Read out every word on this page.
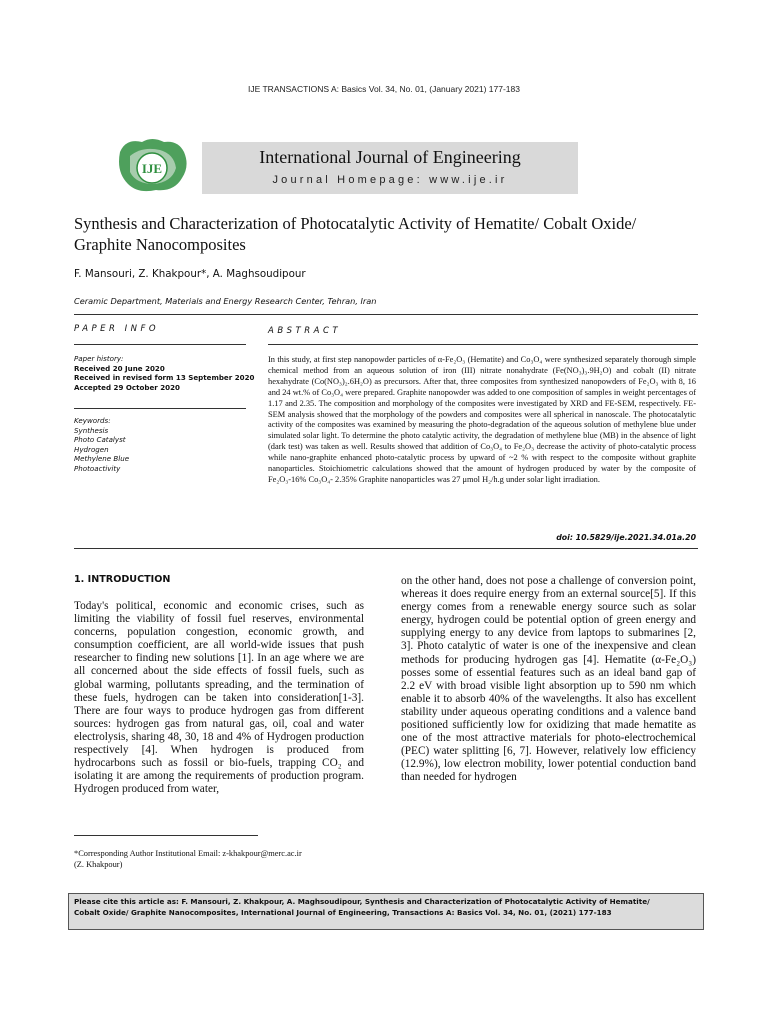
IJE TRANSACTIONS A: Basics Vol. 34, No. 01, (January 2021) 177-183
IJE
International Journal of Engineering
Journal Homepage: www.ije.ir
Synthesis and Characterization of Photocatalytic Activity of Hematite/ Cobalt Oxide/
Graphite Nanocomposites
F. Mansouri, Z. Khakpour*, A. Maghsoudipour
Ceramic Department, Materials and Energy Research Center, Tehran, Iran
PAPER INFO	ABSTRACT
Paper history:
Received 20 June 2020
Received in revised form 13 September 2020
Accepted 29 October 2020
Keywords:
Synthesis
Photo Catalyst
Hydrogen
Methylene Blue
Photoactivity
In this study, at first step nanopowder particles of α-Fe₂O₃ (Hematite) and Co₃O₄ were synthesized separately thorough simple chemical method from an aqueous solution of iron (III) nitrate nonahydrate (Fe(NO₃)₃.9H₂O) and cobalt (II) nitrate hexahydrate (Co(NO₃)₂.6H₂O) as precursors. After that, three composites from synthesized nanopowders of Fe₂O₃ with 8, 16 and 24 wt.% of Co₃O₄ were prepared. Graphite nanopowder was added to one composition of samples in weight percentages of 1.17 and 2.35. The composition and morphology of the composites were investigated by XRD and FE-SEM, respectively. FE-SEM analysis showed that the morphology of the powders and composites were all spherical in nanoscale. The photocatalytic activity of the composites was examined by measuring the photo-degradation of the aqueous solution of methylene blue under simulated solar light. To determine the photo catalytic activity, the degradation of methylene blue (MB) in the absence of light (dark test) was taken as well. Results showed that addition of Co₃O₄ to Fe₂O₃ decrease the activity of photo-catalytic process while nano-graphite enhanced photo-catalytic process by upward of ~2 % with respect to the composite without graphite nanoparticles. Stoichiometric calculations showed that the amount of hydrogen produced by water by the composite of Fe₂O₃-16% Co₃O₄- 2.35% Graphite nanoparticles was 27 μmol H₂/h.g under solar light irradiation.
doi: 10.5829/ije.2021.34.01a.20
1. INTRODUCTION
Today's political, economic and economic crises, such as limiting the viability of fossil fuel reserves, environmental concerns, population congestion, economic growth, and consumption coefficient, are all world-wide issues that push researcher to finding new solutions [1]. In an age where we are all concerned about the side effects of fossil fuels, such as global warming, pollutants spreading, and the termination of these fuels, hydrogen can be taken into consideration[1-3]. There are four ways to produce hydrogen gas from different sources: hydrogen gas from natural gas, oil, coal and water electrolysis, sharing 48, 30, 18 and 4% of Hydrogen production respectively [4]. When hydrogen is produced from hydrocarbons such as fossil or bio-fuels, trapping CO₂ and isolating it are among the requirements of production program. Hydrogen produced from water,
on the other hand, does not pose a challenge of conversion point, whereas it does require energy from an external source[5]. If this energy comes from a renewable energy source such as solar energy, hydrogen could be potential option of green energy and supplying energy to any device from laptops to submarines [2, 3]. Photo catalytic of water is one of the inexpensive and clean methods for producing hydrogen gas [4]. Hematite (α-Fe₂O₃) posses some of essential features such as an ideal band gap of 2.2 eV with broad visible light absorption up to 590 nm which enable it to absorb 40% of the wavelengths. It also has excellent stability under aqueous operating conditions and a valence band positioned sufficiently low for oxidizing that made hematite as one of the most attractive materials for photo-electrochemical (PEC) water splitting [6, 7]. However, relatively low efficiency (12.9%), low electron mobility, lower potential conduction band than needed for hydrogen
*Corresponding Author Institutional Email: z-khakpour@merc.ac.ir
(Z. Khakpour)
Please cite this article as: F. Mansouri, Z. Khakpour, A. Maghsoudipour, Synthesis and Characterization of Photocatalytic Activity of Hematite/
Cobalt Oxide/ Graphite Nanocomposites, International Journal of Engineering, Transactions A: Basics Vol. 34, No. 01, (2021) 177-183
